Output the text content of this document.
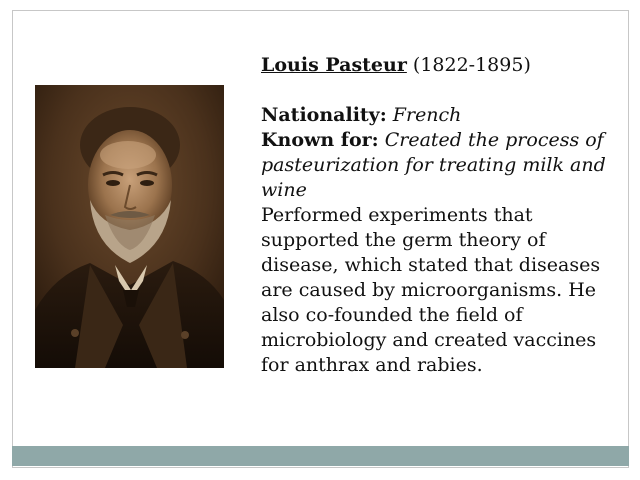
Louis Pasteur (1822-1895)

Nationality: French

Known for: Created the process of pasteurization for treating milk and wine

Performed experiments that supported the germ theory of disease, which stated that diseases are caused by microorganisms. He also co-founded the field of microbiology and created vaccines for anthrax and rabies.
